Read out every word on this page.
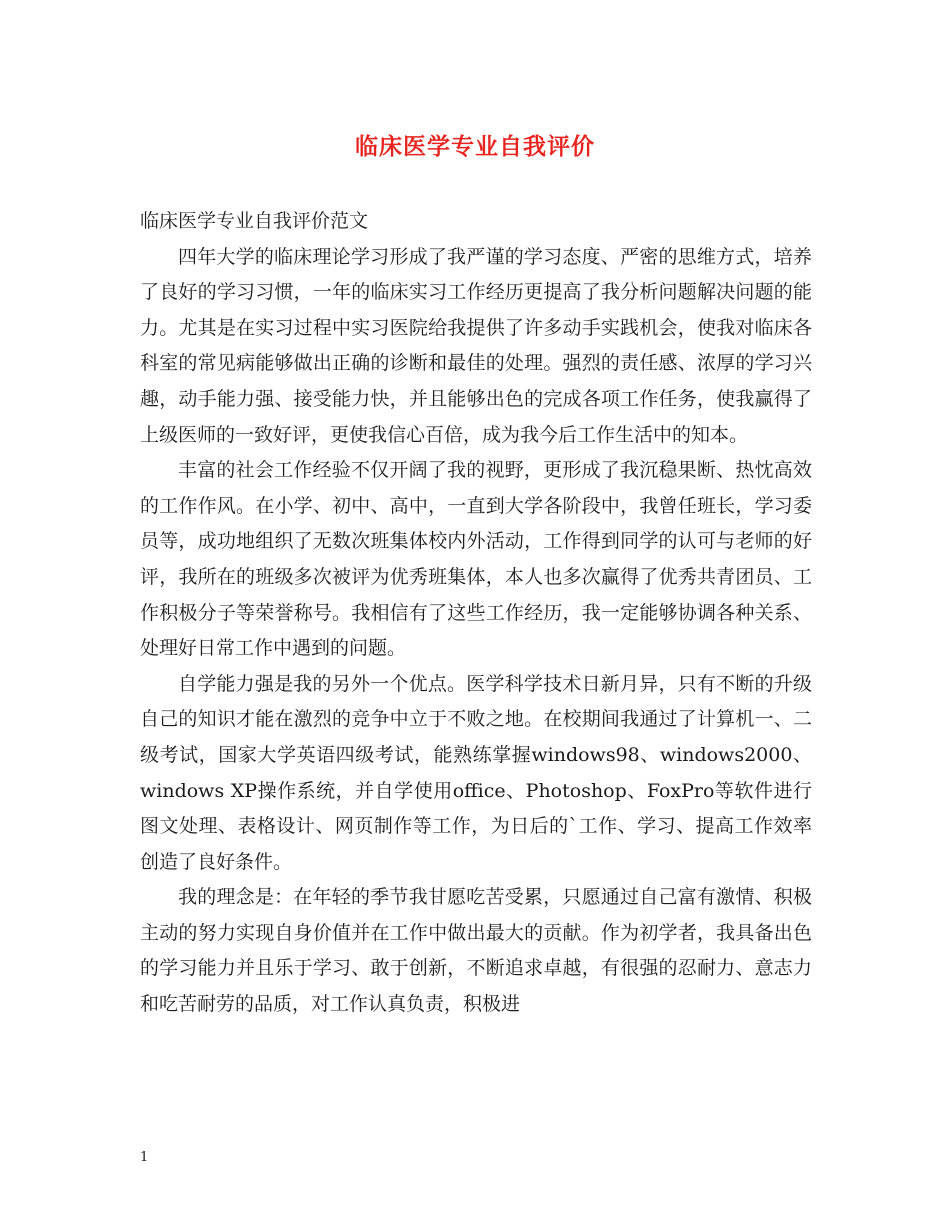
临床医学专业自我评价

临床医学专业自我评价范文

四年大学的临床理论学习形成了我严谨的学习态度、严密的思维方式，培养了良好的学习习惯，一年的临床实习工作经历更提高了我分析问题解决问题的能力。尤其是在实习过程中实习医院给我提供了许多动手实践机会，使我对临床各科室的常见病能够做出正确的诊断和最佳的处理。强烈的责任感、浓厚的学习兴趣，动手能力强、接受能力快，并且能够出色的完成各项工作任务，使我赢得了上级医师的一致好评，更使我信心百倍，成为我今后工作生活中的知本。

丰富的社会工作经验不仅开阔了我的视野，更形成了我沉稳果断、热忱高效的工作作风。在小学、初中、高中，一直到大学各阶段中，我曾任班长，学习委员等，成功地组织了无数次班集体校内外活动，工作得到同学的认可与老师的好评，我所在的班级多次被评为优秀班集体，本人也多次赢得了优秀共青团员、工作积极分子等荣誉称号。我相信有了这些工作经历，我一定能够协调各种关系、处理好日常工作中遇到的问题。

自学能力强是我的另外一个优点。医学科学技术日新月异，只有不断的升级自己的知识才能在激烈的竞争中立于不败之地。在校期间我通过了计算机一、二级考试，国家大学英语四级考试，能熟练掌握windows98、windows2000、windows XP操作系统，并自学使用office、Photoshop、FoxPro等软件进行图文处理、表格设计、网页制作等工作，为日后的`工作、学习、提高工作效率创造了良好条件。

我的理念是：在年轻的季节我甘愿吃苦受累，只愿通过自己富有激情、积极主动的努力实现自身价值并在工作中做出最大的贡献。作为初学者，我具备出色的学习能力并且乐于学习、敢于创新，不断追求卓越，有很强的忍耐力、意志力和吃苦耐劳的品质，对工作认真负责，积极进

1
